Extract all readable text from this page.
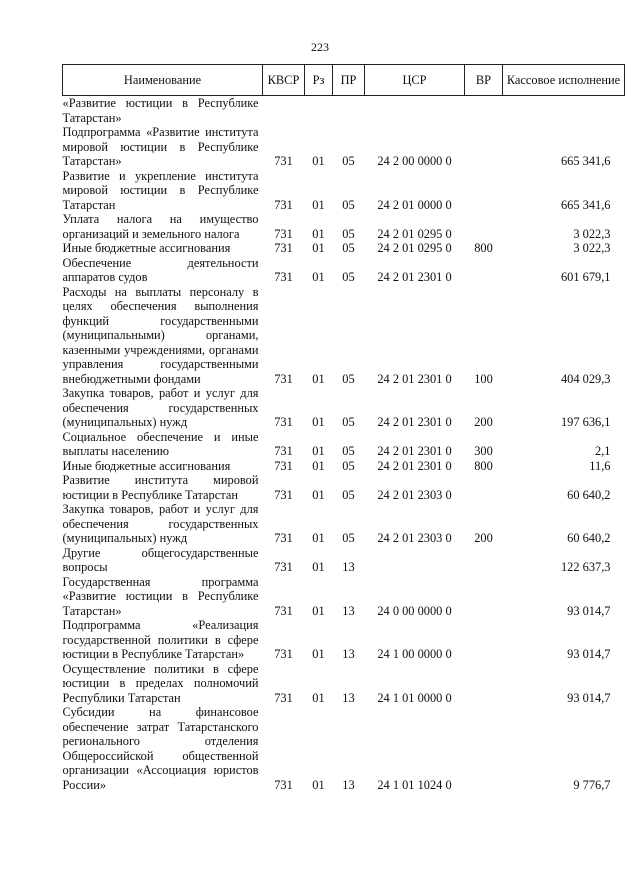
223
Наименование	КВСР	Рз	ПР	ЦСР	ВР	Кассовое исполнение
«Развитие юстиции в Республике Татарстан»						
Подпрограмма «Развитие института мировой юстиции в Республике Татарстан»	731	01	05	24 2 00 0000 0		665 341,6
Развитие и укрепление института мировой юстиции в Республике Татарстан	731	01	05	24 2 01 0000 0		665 341,6
Уплата налога на имущество организаций и земельного налога	731	01	05	24 2 01 0295 0		3 022,3
Иные бюджетные ассигнования	731	01	05	24 2 01 0295 0	800	3 022,3
Обеспечение деятельности аппаратов судов	731	01	05	24 2 01 2301 0		601 679,1
Расходы на выплаты персоналу в целях обеспечения выполнения функций государственными (муниципальными) органами, казенными учреждениями, органами управления государственными внебюджетными фондами	731	01	05	24 2 01 2301 0	100	404 029,3
Закупка товаров, работ и услуг для обеспечения государственных (муниципальных) нужд	731	01	05	24 2 01 2301 0	200	197 636,1
Социальное обеспечение и иные выплаты населению	731	01	05	24 2 01 2301 0	300	2,1
Иные бюджетные ассигнования	731	01	05	24 2 01 2301 0	800	11,6
Развитие института мировой юстиции в Республике Татарстан	731	01	05	24 2 01 2303 0		60 640,2
Закупка товаров, работ и услуг для обеспечения государственных (муниципальных) нужд	731	01	05	24 2 01 2303 0	200	60 640,2
Другие общегосударственные вопросы	731	01	13			122 637,3
Государственная программа «Развитие юстиции в Республике Татарстан»	731	01	13	24 0 00 0000 0		93 014,7
Подпрограмма «Реализация государственной политики в сфере юстиции в Республике Татарстан»	731	01	13	24 1 00 0000 0		93 014,7
Осуществление политики в сфере юстиции в пределах полномочий Республики Татарстан	731	01	13	24 1 01 0000 0		93 014,7
Субсидии на финансовое обеспечение затрат Татарстанского регионального отделения Общероссийской общественной организации «Ассоциация юристов России»	731	01	13	24 1 01 1024 0		9 776,7
